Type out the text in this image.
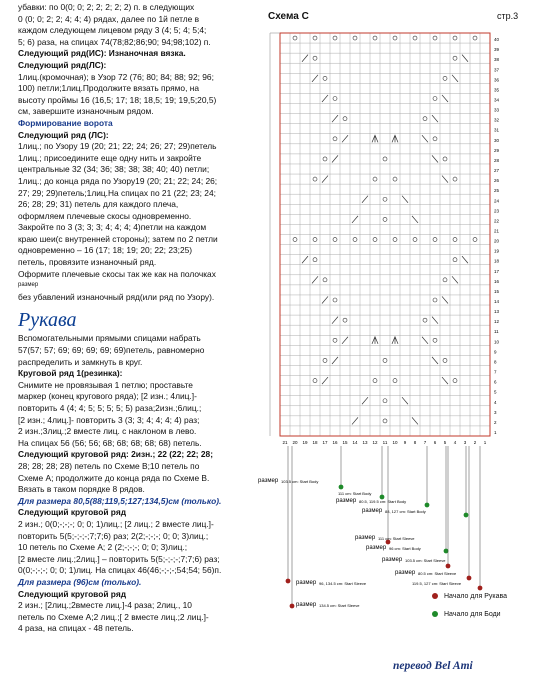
убавки: по 0(0; 0; 2; 2; 2; 2; 2) п. в следующих

0 (0; 0; 2; 2; 4; 4; 4) рядах, далее по 1й петле в

каждом следующем лицевом ряду 3 (4; 5; 4; 5;4;

5; 6) раза, на спицах 74(78;82;86;90; 94;98;102) п.

Следующий ряд(ИС): Изнаночная вязка.

Следующий ряд(ЛС):

1лиц.(кромочная); в Узор 72 (76; 80; 84; 88; 92; 96;

100) петли;1лиц.Продолжите вязать прямо, на

высоту проймы 16 (16,5; 17; 18; 18,5; 19; 19,5;20,5)

см, завершите изнаночным рядом.

Формирование ворота

Следующий ряд (ЛС):

1лиц.; по Узору 19 (20; 21; 22; 24; 26; 27; 29)петель

1лиц.; присоедините еще одну нить и закройте

центральные 32 (34; 36; 38; 38; 38; 40; 40) петли;

1лиц.; до конца ряда по Узору19 (20; 21; 22; 24; 26;

27; 29; 29)петель;1лиц.На спицах по 21 (22; 23; 24;

26; 28; 29; 31) петель для каждого плеча,

оформляем плечевые скосы одновременно.

Закройте по 3 (3; 3; 3; 4; 4; 4; 4)петли на каждом

краю шеи(с внутренней стороны); затем по 2 петли

одновременно – 16 (17; 18; 19; 20; 22; 23;25)

петель, провязите изнаночный ряд.

Оформите плечевые скосы так же как на полочках

размер

без убавлений изнаночный ряд(или ряд по Узору).

Рукава

Вспомогательными прямыми спицами набрать

57(57; 57; 69; 69; 69; 69; 69)петель, равномерно

распределить и замкнуть в круг.

Круговой ряд 1(резинка):

Снимите не провязывая 1 петлю; проставьте

маркер (конец кругового ряда); [2 изн.; 4лиц.]-

повторить 4 (4; 4; 5; 5; 5; 5; 5) раза;2изн.;6лиц.;

[2 изн.; 4лиц.]- повторить 3 (3; 3; 4; 4; 4; 4) раз;

2 изн.;3лиц.;2 вместе лиц. с наклоном в лево.

На спицах 56 (56; 56; 68; 68; 68; 68; 68) петель.

Следующий круговой ряд: 2изн.; 22 (22; 22; 28;

28; 28; 28; 28) петель по Схеме В;10 петель по

Схеме А; продолжите до конца ряда по Схеме В.

Вязать в таком порядке 8 рядов.

Для размера 80,5(88;119,5;127;134,5)см (только).

Следующий круговой ряд

2 изн.; 0(0;-;-;-; 0; 0; 1)лиц.; [2 лиц.; 2 вместе лиц.]-

повторить 5(5;-;-;-;7;7;6) раз; 2(2;-;-;-; 0; 0; 3)лиц.;

10 петель по Схеме А; 2 (2;-;-;-; 0; 0; 3)лиц.;

[2 вместе лиц.;2лиц.] – повторить 5(5;-;-;-;7;7;6) раз;

0(0;-;-;-; 0; 0; 1)лиц. На спицах 46(46;-;-;-;54;54; 56)п.

Для размера (96)см (только).

Следующий круговой ряд

2 изн.; [2лиц.;2вместе лиц.]-4 раза; 2лиц., 10

петель по Схеме А;2 лиц.;[ 2 вместе лиц.;2 лиц.]-

4 раза, на спицах - 48 петель.

Схема С	стр.3
40
39
38
37
36
35
34
33
32
31
30
29
28
27
26
25
24
23
22
21
20
19
18
17
16
15
14
13
12
11
10
9
8
7
6
5
4
3
2
1
21 20 19 18 17 16 15 14 13 12 11 10 9 8 7 6 5 4 3 2 1
размер 103.5 cm: Start Body
111 cm: Start Body
размер 80.5, 119.5 cm: Start Body
размер 88, 127 cm: Start Body
размер 111 cm: Start Sleeve
размер 96 cm: Start Body
размер 103.5 cm: Start Sleeve
размер 80.5 cm: Start Sleeve
119.5, 127 cm: Start Sleeve
размер 96, 134.5 cm: Start Sleeve
размер 134.5 cm: Start Sleeve
Начало для Рукава
Начало для Боди
перевод Bel Ami
